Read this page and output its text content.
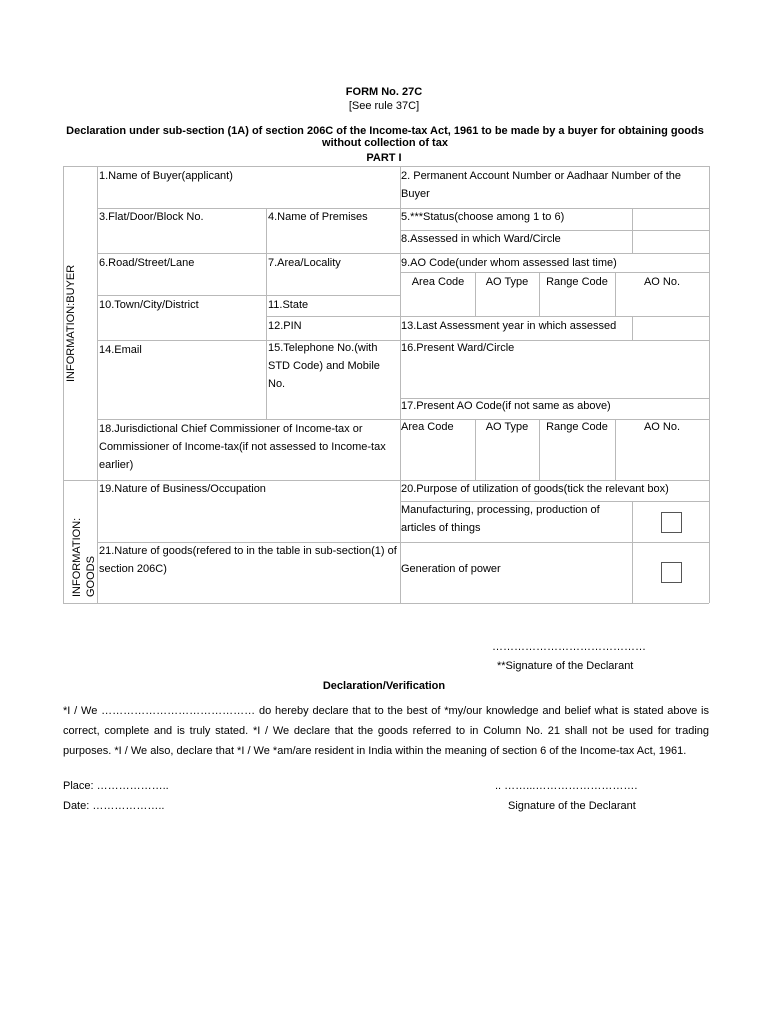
FORM No. 27C
[See rule 37C]
Declaration under sub-section (1A) of section 206C of the Income-tax Act, 1961 to be made by a buyer for obtaining goods without collection of tax
PART I
INFORMATION:BUYER
INFORMATION: GOODS
1.Name of Buyer(applicant)	2. Permanent Account Number or Aadhaar Number of the Buyer
3.Flat/Door/Block No.	4.Name of Premises	5.***Status(choose among 1 to 6)
8.Assessed in which Ward/Circle
6.Road/Street/Lane	7.Area/Locality	9.AO Code(under whom assessed last time)
Area Code	AO Type	Range Code	AO No.
10.Town/City/District	11.State
12.PIN	13.Last Assessment year in which assessed
14.Email	15.Telephone No.(with STD Code) and Mobile No.
16.Present Ward/Circle
17.Present AO Code(if not same as above)
Area Code	AO Type	Range Code	AO No.
18.Jurisdictional Chief Commissioner of Income-tax or Commissioner of Income-tax(if not assessed to Income-tax earlier)
19.Nature of Business/Occupation	20.Purpose of utilization of goods(tick the relevant box)
Manufacturing, processing, production of articles of things
21.Nature of goods(refered to in the table in sub-section(1) of section 206C)	Generation of power
……………………………………
**Signature of the Declarant
Declaration/Verification
*I / We …………………………………… do hereby declare that to the best of *my/our knowledge and belief what is stated above is correct, complete and is truly stated. *I / We declare that the goods referred to in Column No. 21 shall not be used for trading purposes. *I / We also, declare that *I / We *am/are resident in India within the meaning of section 6 of the Income-tax Act, 1961.
Place: ………………..
Date: ………………..
.. ……...……………………….
Signature of the Declarant
